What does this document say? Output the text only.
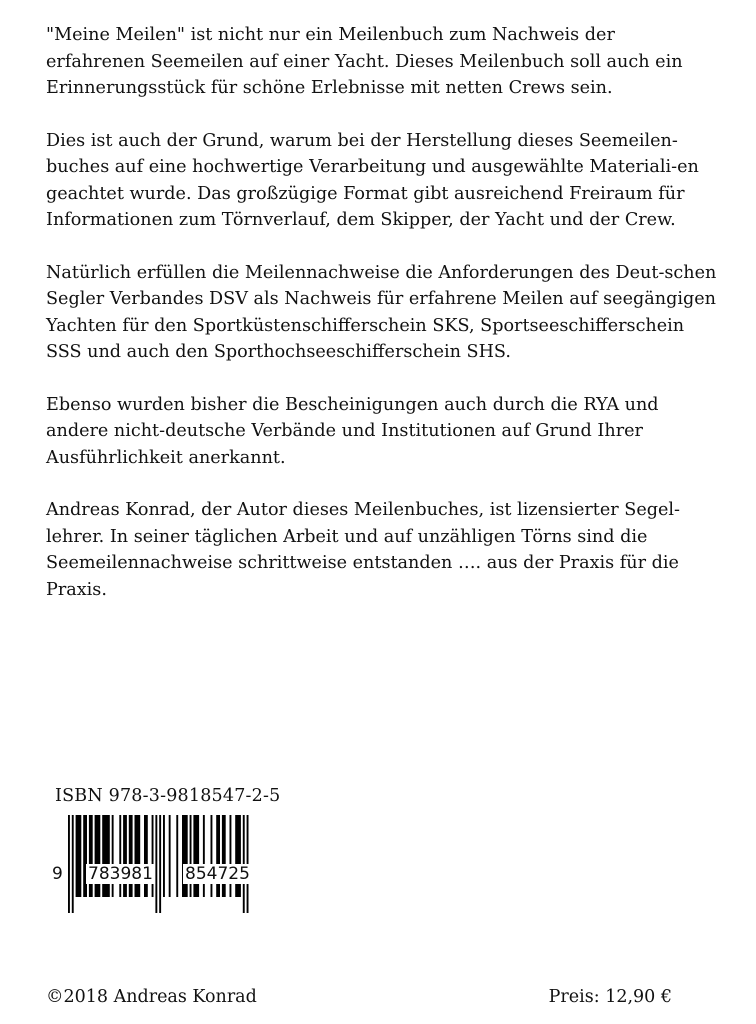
"Meine Meilen" ist nicht nur ein Meilenbuch zum Nachweis der erfahrenen Seemeilen auf einer Yacht. Dieses Meilenbuch soll auch ein Erinnerungsstück für schöne Erlebnisse mit netten Crews sein.

Dies ist auch der Grund, warum bei der Herstellung dieses Seemeilen-buches auf eine hochwertige Verarbeitung und ausgewählte Materiali-en geachtet wurde. Das großzügige Format gibt ausreichend Freiraum für Informationen zum Törnverlauf, dem Skipper, der Yacht und der Crew.

Natürlich erfüllen die Meilennachweise die Anforderungen des Deut-schen Segler Verbandes DSV als Nachweis für erfahrene Meilen auf seegängigen Yachten für den Sportküstenschifferschein SKS, Sportseeschifferschein SSS und auch den Sporthochseeschifferschein SHS.

Ebenso wurden bisher die Bescheinigungen auch durch die RYA und andere nicht-deutsche Verbände und Institutionen auf Grund Ihrer Ausführlichkeit anerkannt.

Andreas Konrad, der Autor dieses Meilenbuches, ist lizensierter Segel-lehrer. In seiner täglichen Arbeit und auf unzähligen Törns sind die Seemeilennachweise schrittweise entstanden …. aus der Praxis für die Praxis.

ISBN 978-3-9818547-2-5
9 783981 854725
©2018 Andreas Konrad	Preis: 12,90 €
